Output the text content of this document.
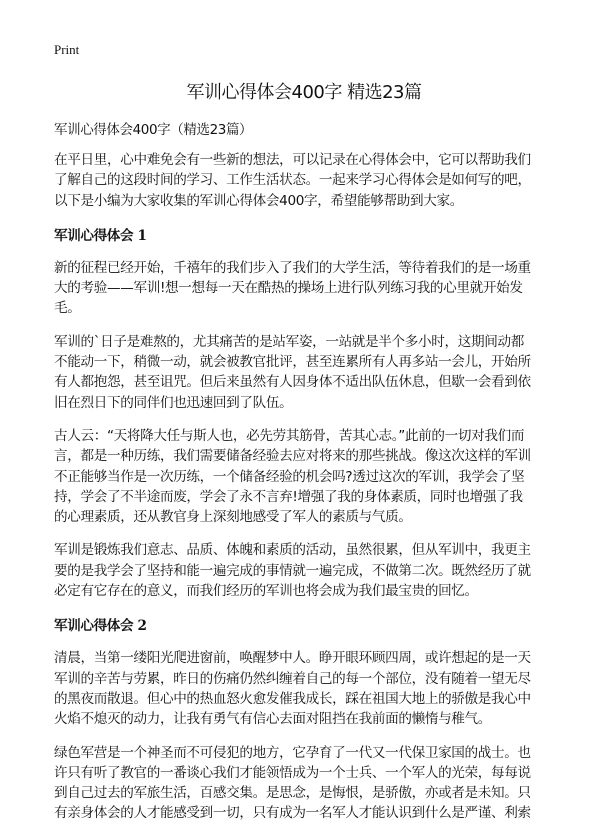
Print
军训心得体会400字 精选23篇
军训心得体会400字（精选23篇）
在平日里，心中难免会有一些新的想法，可以记录在心得体会中，它可以帮助我们
了解自己的这段时间的学习、工作生活状态。一起来学习心得体会是如何写的吧，
以下是小编为大家收集的军训心得体会400字，希望能够帮助到大家。
军训心得体会 1
新的征程已经开始，千禧年的我们步入了我们的大学生活，等待着我们的是一场重
大的考验——军训!想一想每一天在酷热的操场上进行队列练习我的心里就开始发
毛。
军训的`日子是难熬的，尤其痛苦的是站军姿，一站就是半个多小时，这期间动都
不能动一下，稍微一动，就会被教官批评，甚至连累所有人再多站一会儿，开始所
有人都抱怨，甚至诅咒。但后来虽然有人因身体不适出队伍休息，但歇一会看到依
旧在烈日下的同伴们也迅速回到了队伍。
古人云：“天将降大任与斯人也，必先劳其筋骨，苦其心志。”此前的一切对我们而
言，都是一种历练，我们需要储备经验去应对将来的那些挑战。像这次这样的军训
不正能够当作是一次历练，一个储备经验的机会吗?透过这次的军训，我学会了坚
持，学会了不半途而废，学会了永不言弃!增强了我的身体素质，同时也增强了我
的心理素质，还从教官身上深刻地感受了军人的素质与气质。
军训是锻炼我们意志、品质、体魄和素质的活动，虽然很累，但从军训中，我更主
要的是我学会了坚持和能一遍完成的事情就一遍完成，不做第二次。既然经历了就
必定有它存在的意义，而我们经历的军训也将会成为我们最宝贵的回忆。
军训心得体会 2
清晨，当第一缕阳光爬进窗前，唤醒梦中人。睁开眼环顾四周，或许想起的是一天
军训的辛苦与劳累，昨日的伤痛仍然纠缠着自己的每一个部位，没有随着一望无尽
的黑夜而散退。但心中的热血怒火愈发催我成长，踩在祖国大地上的骄傲是我心中
火焰不熄灭的动力，让我有勇气有信心去面对阻挡在我前面的懒惰与稚气。
绿色军营是一个神圣而不可侵犯的地方，它孕育了一代又一代保卫家国的战士。也
许只有听了教官的一番谈心我们才能领悟成为一个士兵、一个军人的光荣，每每说
到自己过去的军旅生活，百感交集。是思念，是悔恨，是骄傲，亦或者是未知。只
有亲身体会的人才能感受到一切，只有成为一名军人才能认识到什么是严谨、利索
